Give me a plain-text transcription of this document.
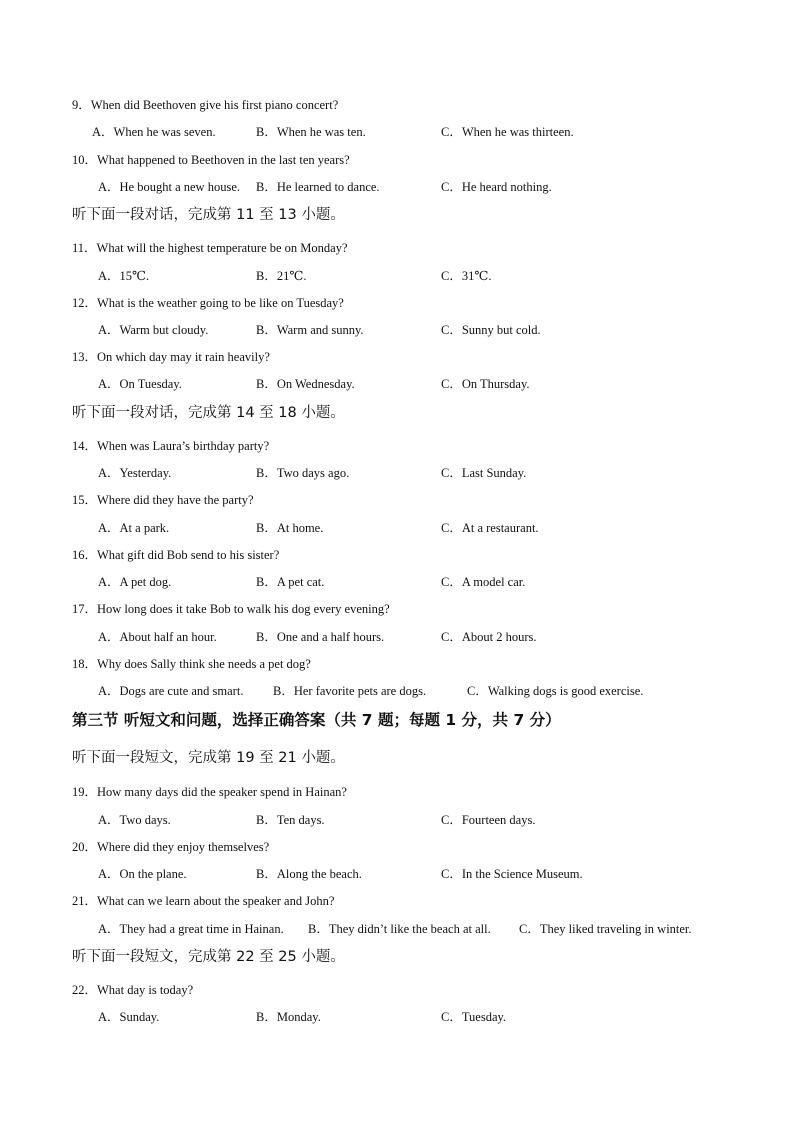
9．When did Beethoven give his first piano concert?
A．When he was seven.	B．When he was ten.	C．When he was thirteen.
10．What happened to Beethoven in the last ten years?
A．He bought a new house. B．He learned to dance.	C．He heard nothing.
听下面一段对话，完成第 11 至 13 小题。
11．What will the highest temperature be on Monday?
A．15℃.	B．21℃.	C．31℃.
12．What is the weather going to be like on Tuesday?
A．Warm but cloudy.	B．Warm and sunny.	C．Sunny but cold.
13．On which day may it rain heavily?
A．On Tuesday.	B．On Wednesday.	C．On Thursday.
听下面一段对话，完成第 14 至 18 小题。
14．When was Laura’s birthday party?
A．Yesterday.	B．Two days ago.	C．Last Sunday.
15．Where did they have the party?
A．At a park.	B．At home.	C．At a restaurant.
16．What gift did Bob send to his sister?
A．A pet dog.	B．A pet cat.	C．A model car.
17．How long does it take Bob to walk his dog every evening?
A．About half an hour.	B．One and a half hours.	C．About 2 hours.
18．Why does Sally think she needs a pet dog?
A．Dogs are cute and smart. B．Her favorite pets are dogs.	C．Walking dogs is good exercise.
第三节 听短文和问题，选择正确答案（共 7 题；每题 1 分，共 7 分）
听下面一段短文，完成第 19 至 21 小题。
19．How many days did the speaker spend in Hainan?
A．Two days.	B．Ten days.	C．Fourteen days.
20．Where did they enjoy themselves?
A．On the plane.	B．Along the beach.	C．In the Science Museum.
21．What can we learn about the speaker and John?
A．They had a great time in Hainan. B．They didn’t like the beach at all. C．They liked traveling in winter.
听下面一段短文，完成第 22 至 25 小题。
22．What day is today?
A．Sunday.	B．Monday.	C．Tuesday.
